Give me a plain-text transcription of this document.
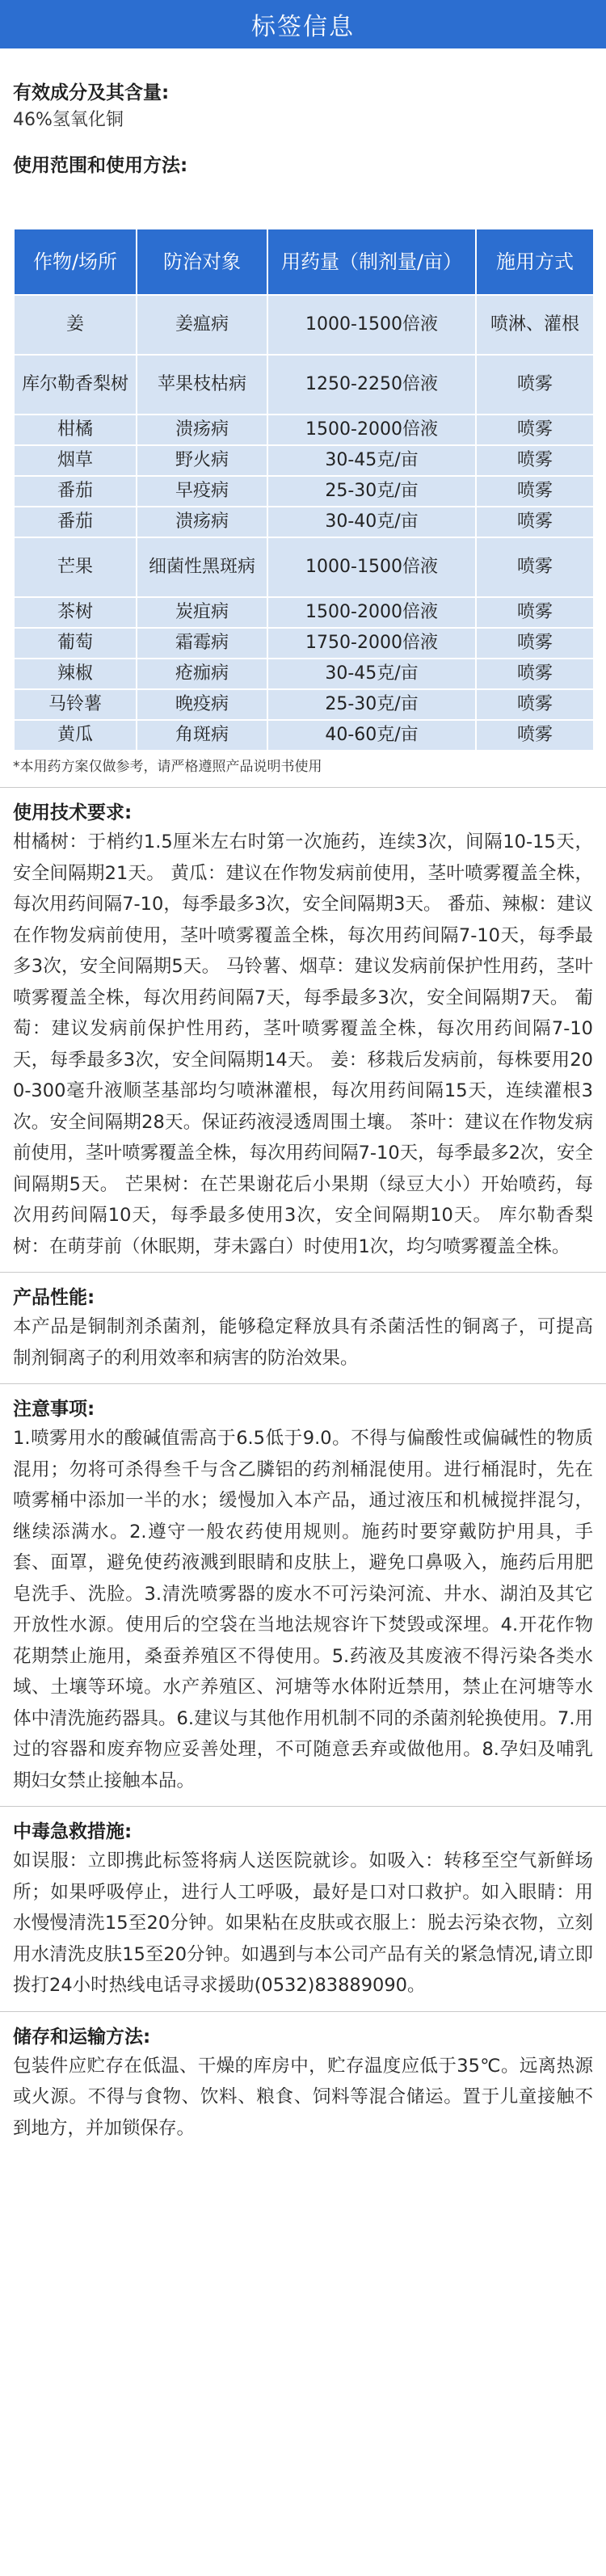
标签信息
有效成分及其含量:
46%氢氧化铜
使用范围和使用方法:
作物/场所	防治对象	用药量（制剂量/亩）	施用方式
姜	姜瘟病	1000-1500倍液	喷淋、灌根
库尔勒香梨树	苹果枝枯病	1250-2250倍液	喷雾
柑橘	溃疡病	1500-2000倍液	喷雾
烟草	野火病	30-45克/亩	喷雾
番茄	早疫病	25-30克/亩	喷雾
番茄	溃疡病	30-40克/亩	喷雾
芒果	细菌性黑斑病	1000-1500倍液	喷雾
茶树	炭疽病	1500-2000倍液	喷雾
葡萄	霜霉病	1750-2000倍液	喷雾
辣椒	疮痂病	30-45克/亩	喷雾
马铃薯	晚疫病	25-30克/亩	喷雾
黄瓜	角斑病	40-60克/亩	喷雾
*本用药方案仅做参考，请严格遵照产品说明书使用
使用技术要求:
柑橘树：于梢约1.5厘米左右时第一次施药，连续3次，间隔10-15天，安全间隔期21天。 黄瓜：建议在作物发病前使用，茎叶喷雾覆盖全株，每次用药间隔7-10，每季最多3次，安全间隔期3天。 番茄、辣椒：建议在作物发病前使用，茎叶喷雾覆盖全株，每次用药间隔7-10天，每季最多3次，安全间隔期5天。 马铃薯、烟草：建议发病前保护性用药，茎叶喷雾覆盖全株，每次用药间隔7天，每季最多3次，安全间隔期7天。 葡萄：建议发病前保护性用药，茎叶喷雾覆盖全株，每次用药间隔7-10天，每季最多3次，安全间隔期14天。 姜：移栽后发病前，每株要用200-300毫升液顺茎基部均匀喷淋灌根，每次用药间隔15天，连续灌根3次。安全间隔期28天。保证药液浸透周围土壤。 茶叶：建议在作物发病前使用，茎叶喷雾覆盖全株，每次用药间隔7-10天，每季最多2次，安全间隔期5天。 芒果树：在芒果谢花后小果期（绿豆大小）开始喷药，每次用药间隔10天，每季最多使用3次，安全间隔期10天。 库尔勒香梨树：在萌芽前（休眠期，芽未露白）时使用1次，均匀喷雾覆盖全株。
产品性能:
本产品是铜制剂杀菌剂，能够稳定释放具有杀菌活性的铜离子，可提高制剂铜离子的利用效率和病害的防治效果。
注意事项:
1.喷雾用水的酸碱值需高于6.5低于9.0。不得与偏酸性或偏碱性的物质混用；勿将可杀得叁千与含乙膦铝的药剂桶混使用。进行桶混时，先在喷雾桶中添加一半的水；缓慢加入本产品，通过液压和机械搅拌混匀，继续添满水。2.遵守一般农药使用规则。施药时要穿戴防护用具，手套、面罩，避免使药液溅到眼睛和皮肤上，避免口鼻吸入，施药后用肥皂洗手、洗脸。3.清洗喷雾器的废水不可污染河流、井水、湖泊及其它开放性水源。使用后的空袋在当地法规容许下焚毁或深埋。4.开花作物花期禁止施用，桑蚕养殖区不得使用。5.药液及其废液不得污染各类水域、土壤等环境。水产养殖区、河塘等水体附近禁用，禁止在河塘等水体中清洗施药器具。6.建议与其他作用机制不同的杀菌剂轮换使用。7.用过的容器和废弃物应妥善处理，不可随意丢弃或做他用。8.孕妇及哺乳期妇女禁止接触本品。
中毒急救措施:
如误服：立即携此标签将病人送医院就诊。如吸入：转移至空气新鲜场所；如果呼吸停止，进行人工呼吸，最好是口对口救护。如入眼睛：用水慢慢清洗15至20分钟。如果粘在皮肤或衣服上：脱去污染衣物，立刻用水清洗皮肤15至20分钟。如遇到与本公司产品有关的紧急情况,请立即拨打24小时热线电话寻求援助(0532)83889090。
储存和运输方法:
包装件应贮存在低温、干燥的库房中，贮存温度应低于35℃。远离热源或火源。不得与食物、饮料、粮食、饲料等混合储运。置于儿童接触不到地方，并加锁保存。
